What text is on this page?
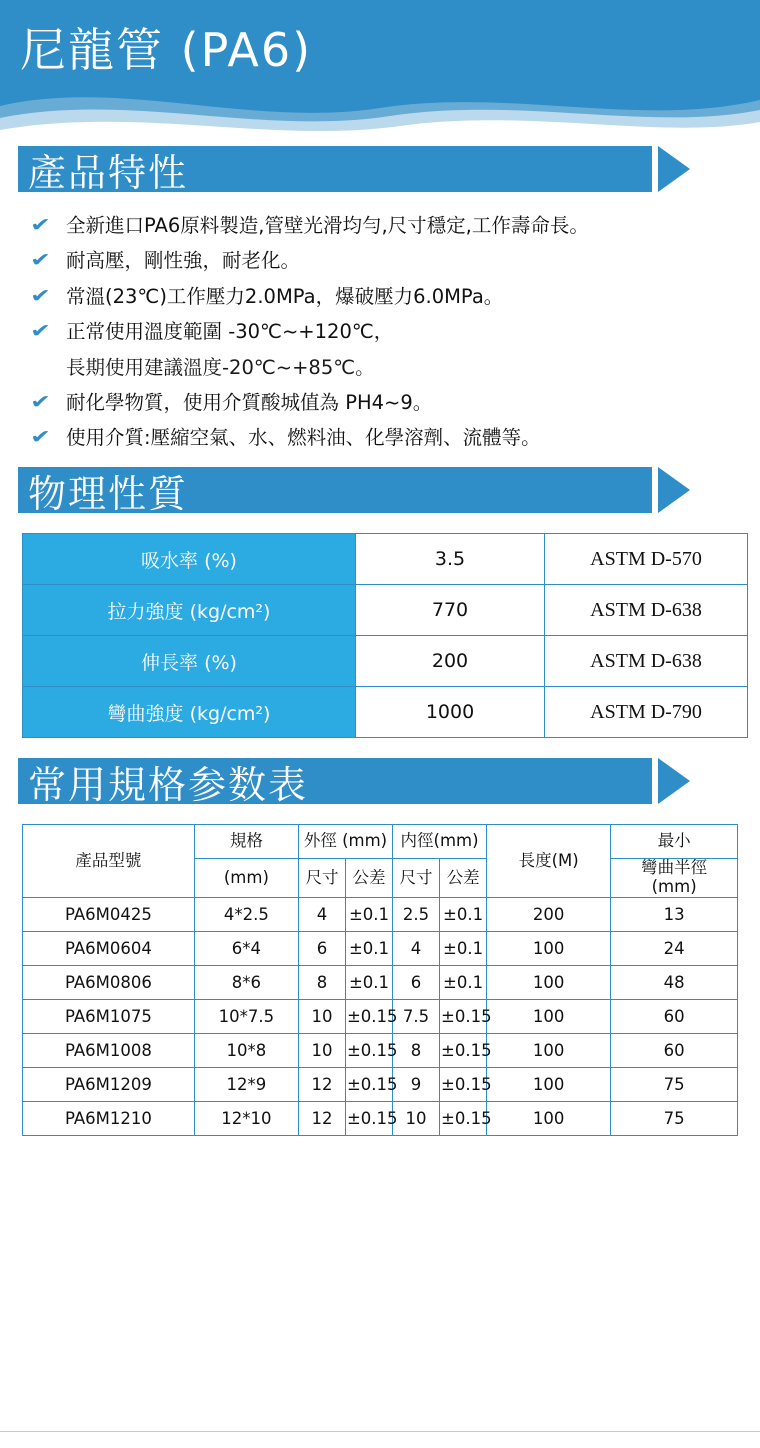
尼龍管 (PA6)
產品特性
✔ 全新進口PA6原料製造,管壁光滑均勻,尺寸穩定,工作壽命長。
✔ 耐高壓，剛性強，耐老化。
✔ 常溫(23℃)工作壓力2.0MPa，爆破壓力6.0MPa。
✔ 正常使用溫度範圍 -30℃~+120℃，
長期使用建議溫度-20℃~+85℃。
✔ 耐化學物質，使用介質酸城值為 PH4~9。
✔ 使用介質:壓縮空氣、水、燃料油、化學溶劑、流體等。
物理性質
吸水率 (%)	3.5	ASTM D-570
拉力強度 (kg/cm²)	770	ASTM D-638
伸長率 (%)	200	ASTM D-638
彎曲強度 (kg/cm²)	1000	ASTM D-790
常用規格参数表
產品型號	規格	外徑 (mm)		内徑(mm)		長度(M)	最小
	(mm)	尺寸	公差	尺寸	公差		彎曲半徑
(mm)
PA6M0425	4*2.5	4	±0.1	2.5	±0.1	200	13
PA6M0604	6*4	6	±0.1	4	±0.1	100	24
PA6M0806	8*6	8	±0.1	6	±0.1	100	48
PA6M1075	10*7.5	10	±0.15	7.5	±0.15	100	60
PA6M1008	10*8	10	±0.15	8	±0.15	100	60
PA6M1209	12*9	12	±0.15	9	±0.15	100	75
PA6M1210	12*10	12	±0.15	10	±0.15	100	75
